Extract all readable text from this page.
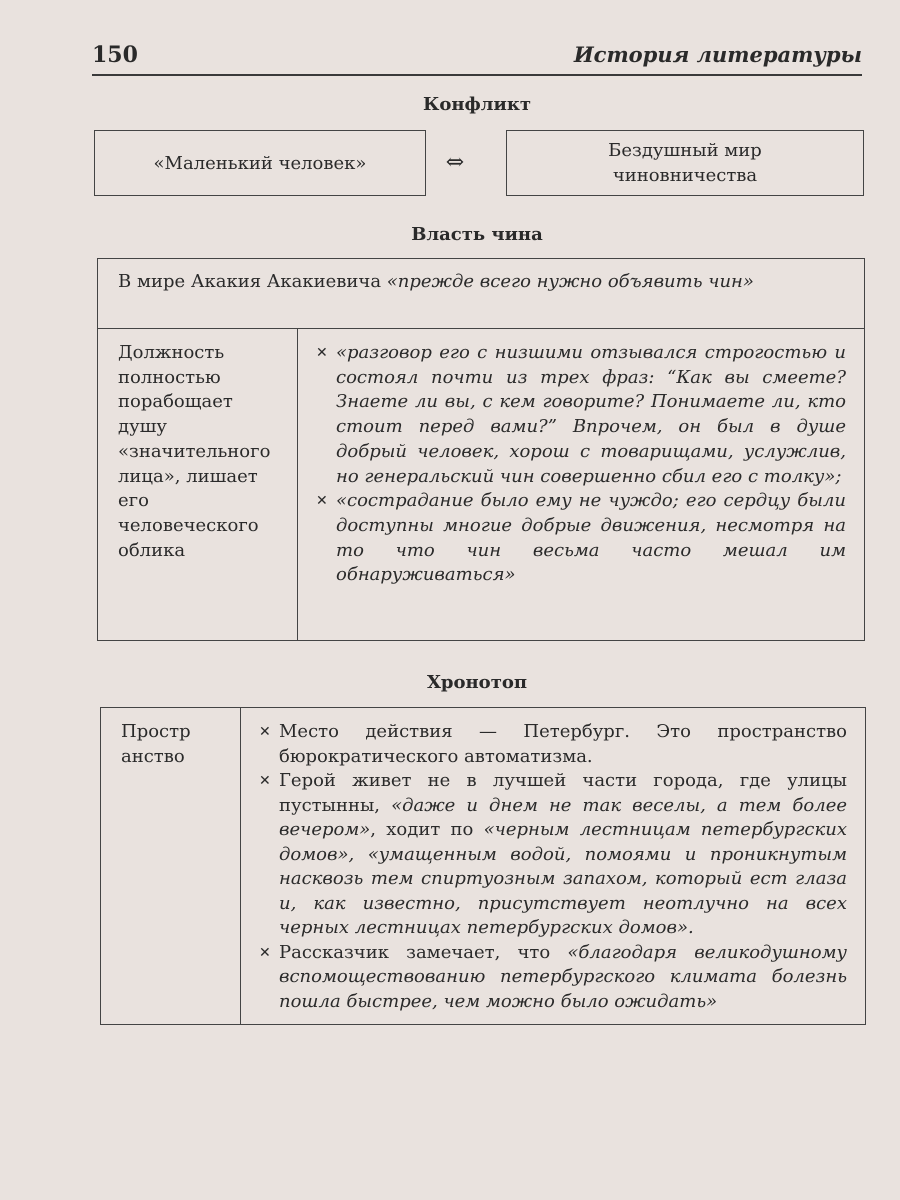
150	История литературы
Конфликт
«Маленький человек»	⇔	Бездушный мир чиновничества
Власть чина
В мире Акакия Акакиевича «прежде всего нужно объявить чин»

Должность полностью порабощает душу «значительного лица», лишает его человеческого облика

✕ «разговор его с низшими отзывался строгостью и состоял почти из трех фраз: “Как вы смеете? Знаете ли вы, с кем говорите? Понимаете ли, кто стоит перед вами?” Впрочем, он был в душе добрый человек, хорош с товарищами, услужлив, но генеральский чин совершенно сбил его с толку»;
✕ «сострадание было ему не чуждо; его сердцу были доступны многие добрые движения, несмотря на то что чин весьма часто мешал им обнаруживаться»
Хронотоп
Пространство

✕ Место действия — Петербург. Это пространство бюрократического автоматизма.
✕ Герой живет не в лучшей части города, где улицы пустынны, «даже и днем не так веселы, а тем более вечером», ходит по «черным лестницам петербургских домов», «умащенным водой, помоями и проникнутым насквозь тем спиртуозным запахом, который ест глаза и, как известно, присутствует неотлучно на всех черных лестницах петербургских домов».
✕ Рассказчик замечает, что «благодаря великодушному вспомоществованию петербургского климата болезнь пошла быстрее, чем можно было ожидать»
